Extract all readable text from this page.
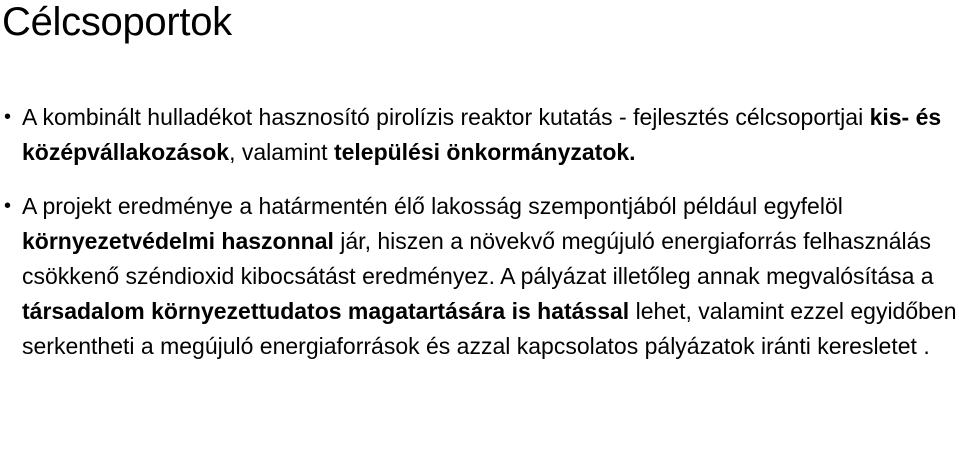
Célcsoportok
• A kombinált hulladékot hasznosító pirolízis reaktor kutatás - fejlesztés célcsoportjai kis- és középvállakozások, valamint települési önkormányzatok.
• A projekt eredménye a határmentén élő lakosság szempontjából például egyfelöl környezetvédelmi haszonnal jár, hiszen a növekvő megújuló energiaforrás felhasználás csökkenő széndioxid kibocsátást eredményez. A pályázat illetőleg annak megvalósítása a társadalom környezettudatos magatartására is hatással lehet, valamint ezzel egyidőben serkentheti a megújuló energiaforrások és azzal kapcsolatos pályázatok iránti keresletet .
